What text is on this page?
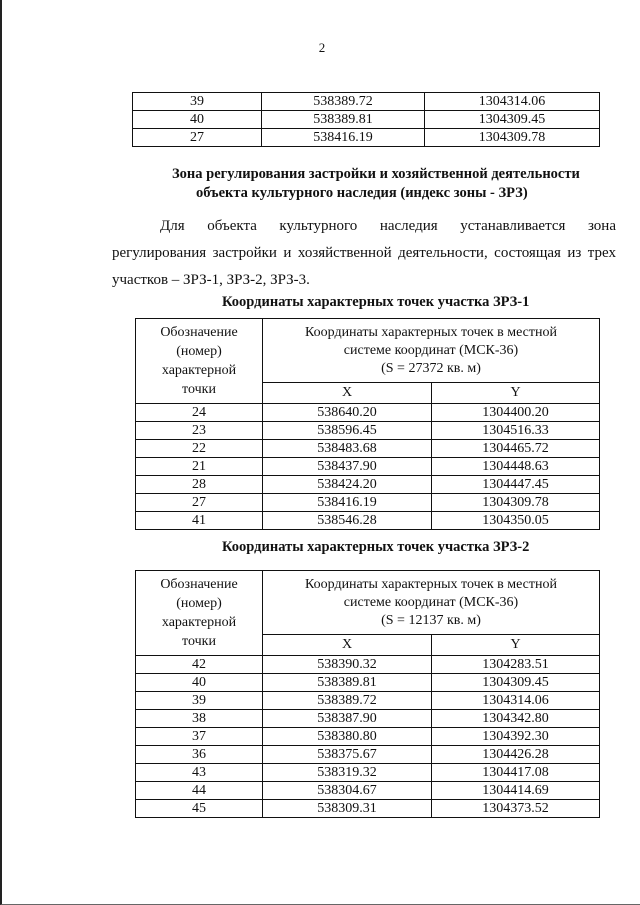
2
39	538389.72	1304314.06
40	538389.81	1304309.45
27	538416.19	1304309.78
Зона регулирования застройки и хозяйственной деятельности
объекта культурного наследия (индекс зоны - ЗРЗ)
Для объекта культурного наследия устанавливается зона
регулирования застройки и хозяйственной деятельности, состоящая из трех
участков – ЗРЗ-1, ЗРЗ-2, ЗРЗ-3.
Координаты характерных точек участка ЗРЗ-1
Обозначение
(номер)
характерной
точки	Координаты характерных точек в местной
системе координат (МСК-36)
(S = 27372 кв. м)	
	X	Y
24	538640.20	1304400.20
23	538596.45	1304516.33
22	538483.68	1304465.72
21	538437.90	1304448.63
28	538424.20	1304447.45
27	538416.19	1304309.78
41	538546.28	1304350.05
Координаты характерных точек участка ЗРЗ-2
Обозначение
(номер)
характерной
точки	Координаты характерных точек в местной
системе координат (МСК-36)
(S = 12137 кв. м)	
	X	Y
42	538390.32	1304283.51
40	538389.81	1304309.45
39	538389.72	1304314.06
38	538387.90	1304342.80
37	538380.80	1304392.30
36	538375.67	1304426.28
43	538319.32	1304417.08
44	538304.67	1304414.69
45	538309.31	1304373.52
